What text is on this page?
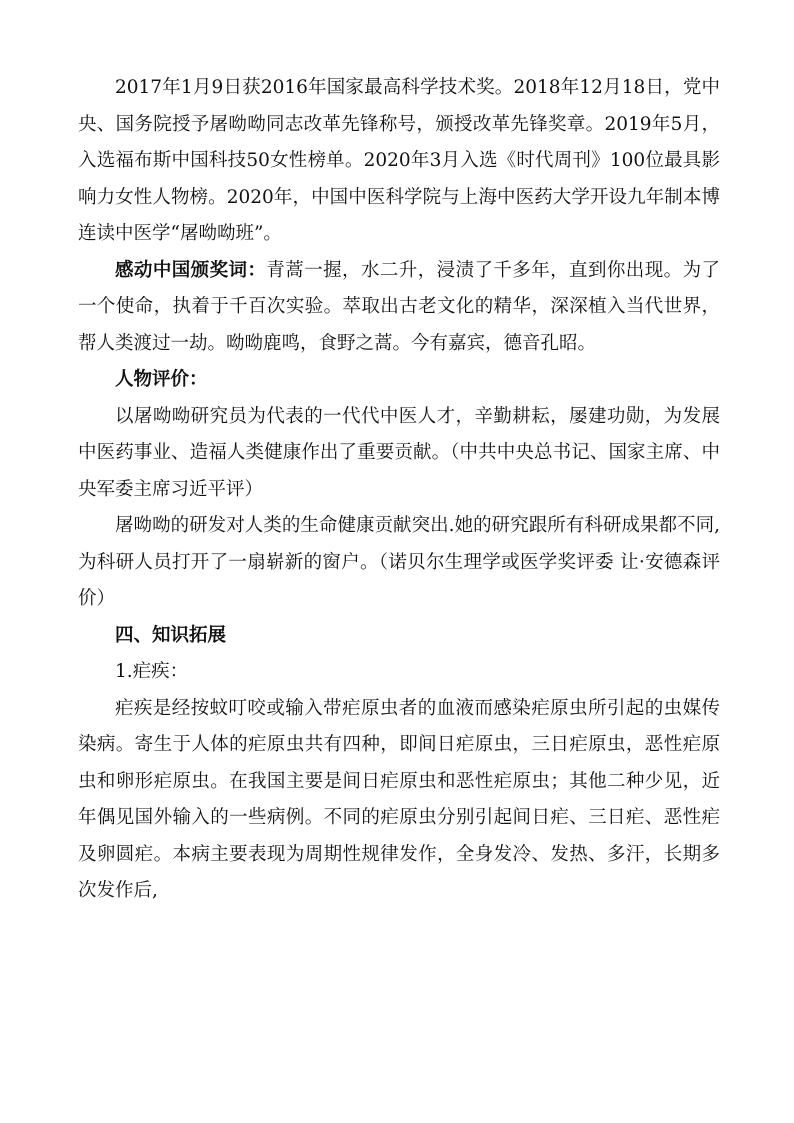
2017年1月9日获2016年国家最高科学技术奖。2018年12月18日，党中央、国务院授予屠呦呦同志改革先锋称号，颁授改革先锋奖章。2019年5月，入选福布斯中国科技50女性榜单。2020年3月入选《时代周刊》100位最具影响力女性人物榜。2020年，中国中医科学院与上海中医药大学开设九年制本博连读中医学“屠呦呦班”。

感动中国颁奖词：青蒿一握，水二升，浸渍了千多年，直到你出现。为了一个使命，执着于千百次实验。萃取出古老文化的精华，深深植入当代世界，帮人类渡过一劫。呦呦鹿鸣，食野之蒿。今有嘉宾，德音孔昭。

人物评价：

以屠呦呦研究员为代表的一代代中医人才，辛勤耕耘，屡建功勋，为发展中医药事业、造福人类健康作出了重要贡献。（中共中央总书记、国家主席、中央军委主席习近平评）

屠呦呦的研发对人类的生命健康贡献突出.她的研究跟所有科研成果都不同,为科研人员打开了一扇崭新的窗户。（诺贝尔生理学或医学奖评委 让·安德森评价）

四、知识拓展

1.疟疾：

疟疾是经按蚊叮咬或输入带疟原虫者的血液而感染疟原虫所引起的虫媒传染病。寄生于人体的疟原虫共有四种，即间日疟原虫，三日疟原虫，恶性疟原虫和卵形疟原虫。在我国主要是间日疟原虫和恶性疟原虫；其他二种少见，近年偶见国外输入的一些病例。不同的疟原虫分别引起间日疟、三日疟、恶性疟及卵圆疟。本病主要表现为周期性规律发作，全身发冷、发热、多汗，长期多次发作后,
